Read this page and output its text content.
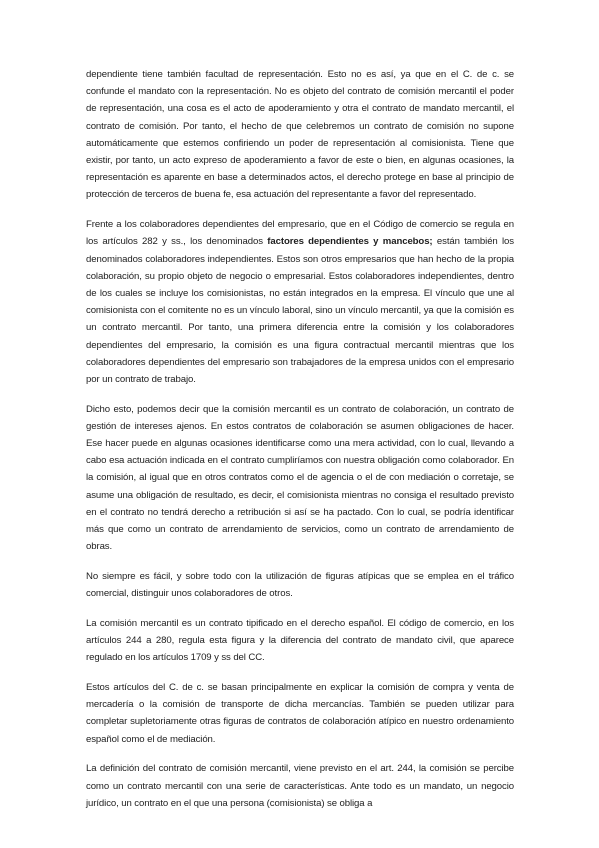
dependiente tiene también facultad de representación. Esto no es así, ya que en el C. de c. se confunde el mandato con la representación. No es objeto del contrato de comisión mercantil el poder de representación, una cosa es el acto de apoderamiento y otra el contrato de mandato mercantil, el contrato de comisión. Por tanto, el hecho de que celebremos un contrato de comisión no supone automáticamente que estemos confiriendo un poder de representación al comisionista. Tiene que existir, por tanto, un acto expreso de apoderamiento a favor de este o bien, en algunas ocasiones, la representación es aparente en base a determinados actos, el derecho protege en base al principio de protección de terceros de buena fe, esa actuación del representante a favor del representado.

Frente a los colaboradores dependientes del empresario, que en el Código de comercio se regula en los artículos 282 y ss., los denominados factores dependientes y mancebos; están también los denominados colaboradores independientes. Estos son otros empresarios que han hecho de la propia colaboración, su propio objeto de negocio o empresarial. Estos colaboradores independientes, dentro de los cuales se incluye los comisionistas, no están integrados en la empresa. El vínculo que une al comisionista con el comitente no es un vínculo laboral, sino un vínculo mercantil, ya que la comisión es un contrato mercantil. Por tanto, una primera diferencia entre la comisión y los colaboradores dependientes del empresario, la comisión es una figura contractual mercantil mientras que los colaboradores dependientes del empresario son trabajadores de la empresa unidos con el empresario por un contrato de trabajo.

Dicho esto, podemos decir que la comisión mercantil es un contrato de colaboración, un contrato de gestión de intereses ajenos. En estos contratos de colaboración se asumen obligaciones de hacer. Ese hacer puede en algunas ocasiones identificarse como una mera actividad, con lo cual, llevando a cabo esa actuación indicada en el contrato cumpliríamos con nuestra obligación como colaborador. En la comisión, al igual que en otros contratos como el de agencia o el de con mediación o corretaje, se asume una obligación de resultado, es decir, el comisionista mientras no consiga el resultado previsto en el contrato no tendrá derecho a retribución si así se ha pactado. Con lo cual, se podría identificar más que como un contrato de arrendamiento de servicios, como un contrato de arrendamiento de obras.

No siempre es fácil, y sobre todo con la utilización de figuras atípicas que se emplea en el tráfico comercial, distinguir unos colaboradores de otros.

La comisión mercantil es un contrato tipificado en el derecho español. El código de comercio, en los artículos 244 a 280, regula esta figura y la diferencia del contrato de mandato civil, que aparece regulado en los artículos 1709 y ss del CC.

Estos artículos del C. de c. se basan principalmente en explicar la comisión de compra y venta de mercadería o la comisión de transporte de dicha mercancías. También se pueden utilizar para completar supletoriamente otras figuras de contratos de colaboración atípico en nuestro ordenamiento español como el de mediación.

La definición del contrato de comisión mercantil, viene previsto en el art. 244, la comisión se percibe como un contrato mercantil con una serie de características. Ante todo es un mandato, un negocio jurídico, un contrato en el que una persona (comisionista) se obliga a
